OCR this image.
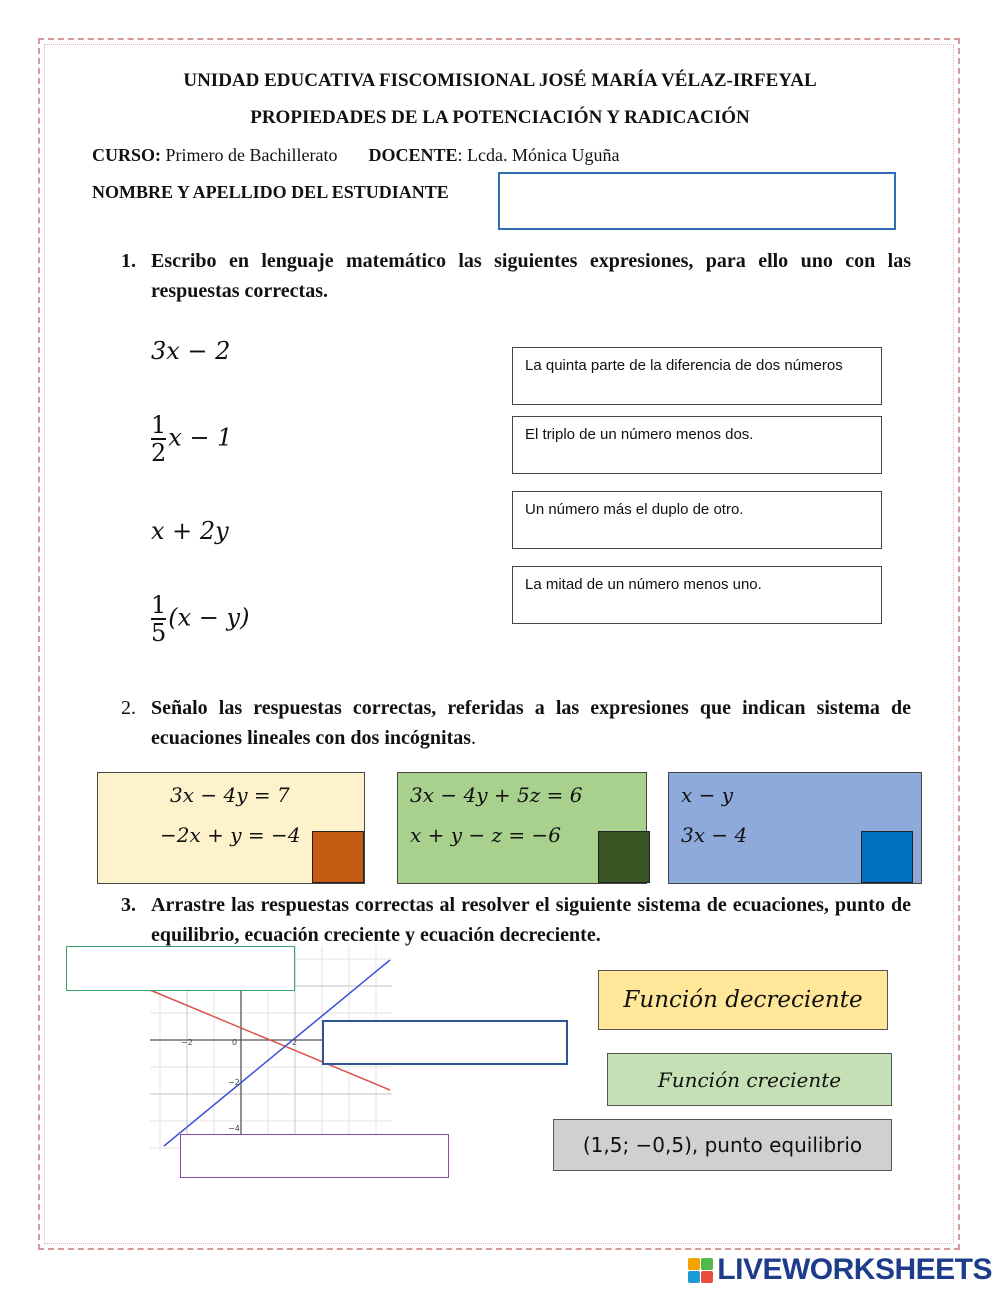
UNIDAD EDUCATIVA FISCOMISIONAL JOSÉ MARÍA VÉLAZ-IRFEYAL
PROPIEDADES DE LA POTENCIACIÓN Y RADICACIÓN
CURSO: Primero de Bachillerato DOCENTE: Lcda. Mónica Uguña
NOMBRE Y APELLIDO DEL ESTUDIANTE
1. Escribo en lenguaje matemático las siguientes expresiones, para ello uno con las respuestas correctas.
3𝑥 − 2
$\frac{1}{2}$ 𝑥 − 1
𝑥 + 2𝑦
$\frac{1}{5}$ (𝑥 − 𝑦)
La quinta parte de la diferencia de dos números
El triplo de un número menos dos.
Un número más el duplo de otro.
La mitad de un número menos uno.
2. Señalo las respuestas correctas, referidas a las expresiones que indican sistema de ecuaciones lineales con dos incógnitas.
3𝑥 − 4𝑦 = 7
−2𝑥 + 𝑦 = −4
3𝑥 − 4𝑦 + 5𝑧 = 6
𝑥 + 𝑦 − 𝑧 = −6
𝑥 − 𝑦
3𝑥 − 4
3. Arrastre las respuestas correctas al resolver el siguiente sistema de ecuaciones, punto de equilibrio, ecuación creciente y ecuación decreciente.
−2	0	2
−2
−4
Función decreciente
Función creciente
(1,5; −0,5), punto equilibrio
LIVEWORKSHEETS
